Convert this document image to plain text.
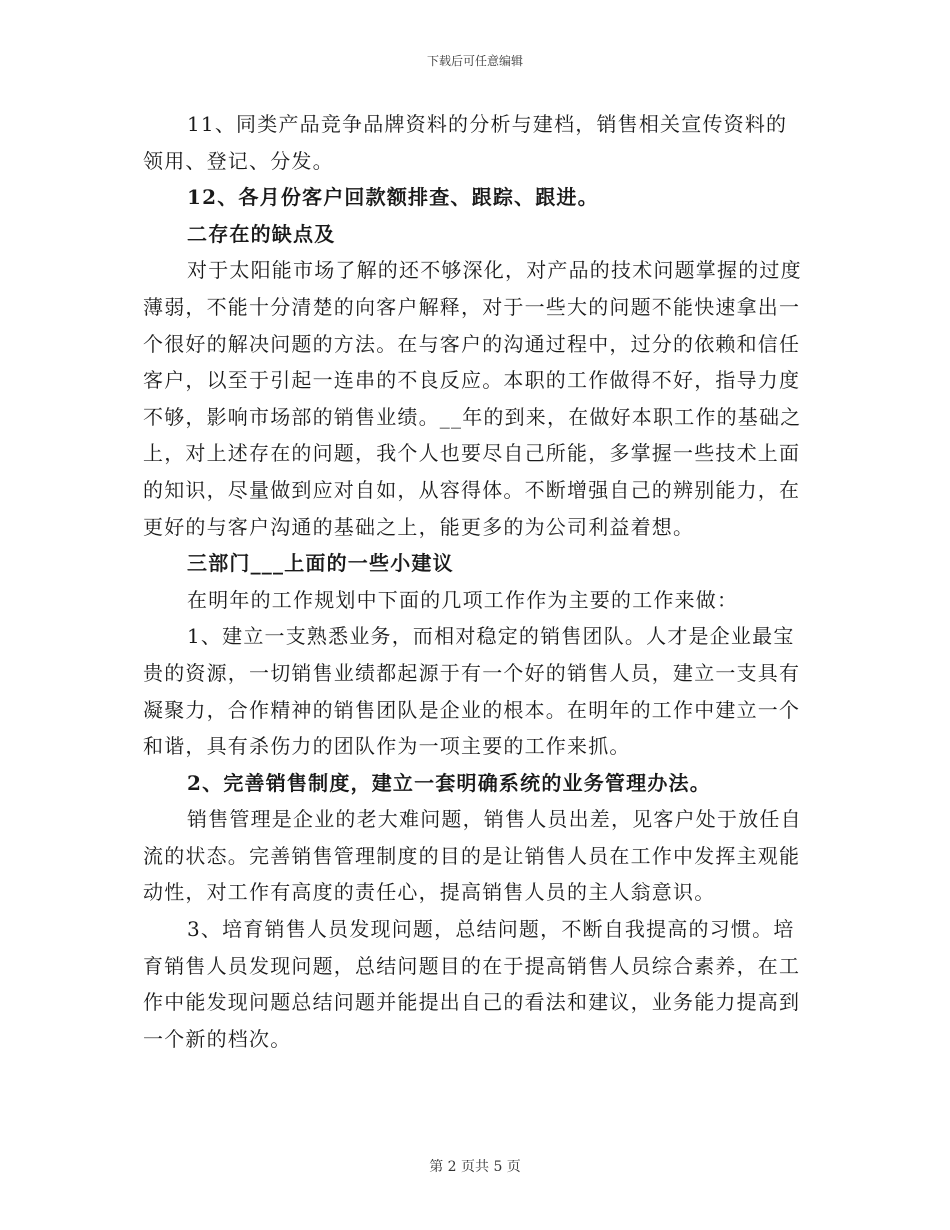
下载后可任意编辑

11、同类产品竞争品牌资料的分析与建档，销售相关宣传资料的领用、登记、分发。

12、各月份客户回款额排查、跟踪、跟进。

二存在的缺点及

对于太阳能市场了解的还不够深化，对产品的技术问题掌握的过度薄弱，不能十分清楚的向客户解释，对于一些大的问题不能快速拿出一个很好的解决问题的方法。在与客户的沟通过程中，过分的依赖和信任客户，以至于引起一连串的不良反应。本职的工作做得不好，指导力度不够，影响市场部的销售业绩。__年的到来，在做好本职工作的基础之上，对上述存在的问题，我个人也要尽自己所能，多掌握一些技术上面的知识，尽量做到应对自如，从容得体。不断增强自己的辨别能力，在更好的与客户沟通的基础之上，能更多的为公司利益着想。

三部门___上面的一些小建议

在明年的工作规划中下面的几项工作作为主要的工作来做：

1、建立一支熟悉业务，而相对稳定的销售团队。人才是企业最宝贵的资源，一切销售业绩都起源于有一个好的销售人员，建立一支具有凝聚力，合作精神的销售团队是企业的根本。在明年的工作中建立一个和谐，具有杀伤力的团队作为一项主要的工作来抓。

2、完善销售制度，建立一套明确系统的业务管理办法。

销售管理是企业的老大难问题，销售人员出差，见客户处于放任自流的状态。完善销售管理制度的目的是让销售人员在工作中发挥主观能动性，对工作有高度的责任心，提高销售人员的主人翁意识。

3、培育销售人员发现问题，总结问题，不断自我提高的习惯。培育销售人员发现问题，总结问题目的在于提高销售人员综合素养，在工作中能发现问题总结问题并能提出自己的看法和建议，业务能力提高到一个新的档次。

第 2 页共 5 页
